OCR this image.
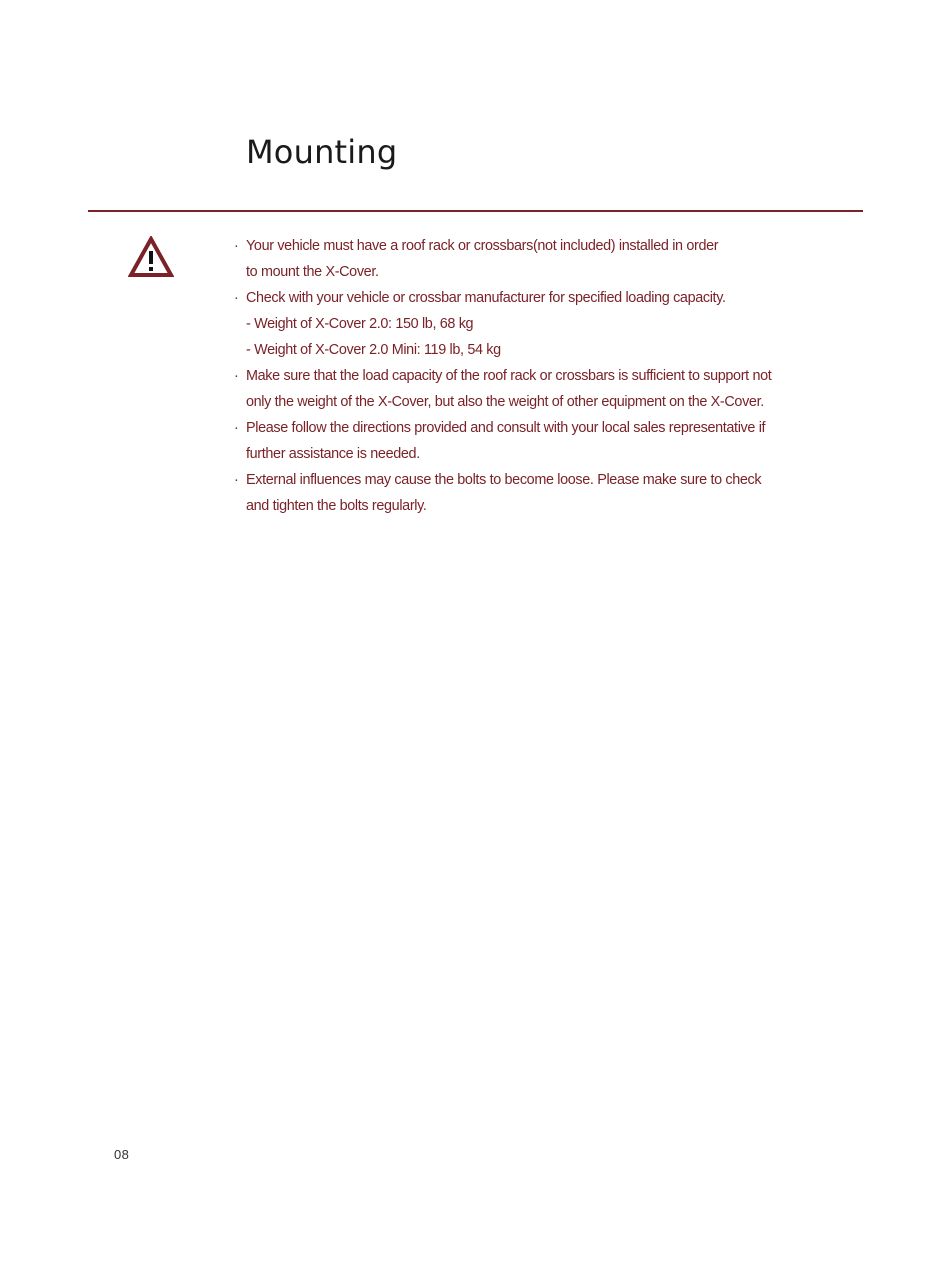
Mounting
· Your vehicle must have a roof rack or crossbars(not included) installed in order
to mount the X-Cover.
· Check with your vehicle or crossbar manufacturer for specified loading capacity.
- Weight of X-Cover 2.0: 150 lb, 68 kg
- Weight of X-Cover 2.0 Mini: 119 lb, 54 kg
· Make sure that the load capacity of the roof rack or crossbars is sufficient to support not
only the weight of the X-Cover, but also the weight of other equipment on the X-Cover.
· Please follow the directions provided and consult with your local sales representative if
further assistance is needed.
· External influences may cause the bolts to become loose. Please make sure to check
and tighten the bolts regularly.
08
